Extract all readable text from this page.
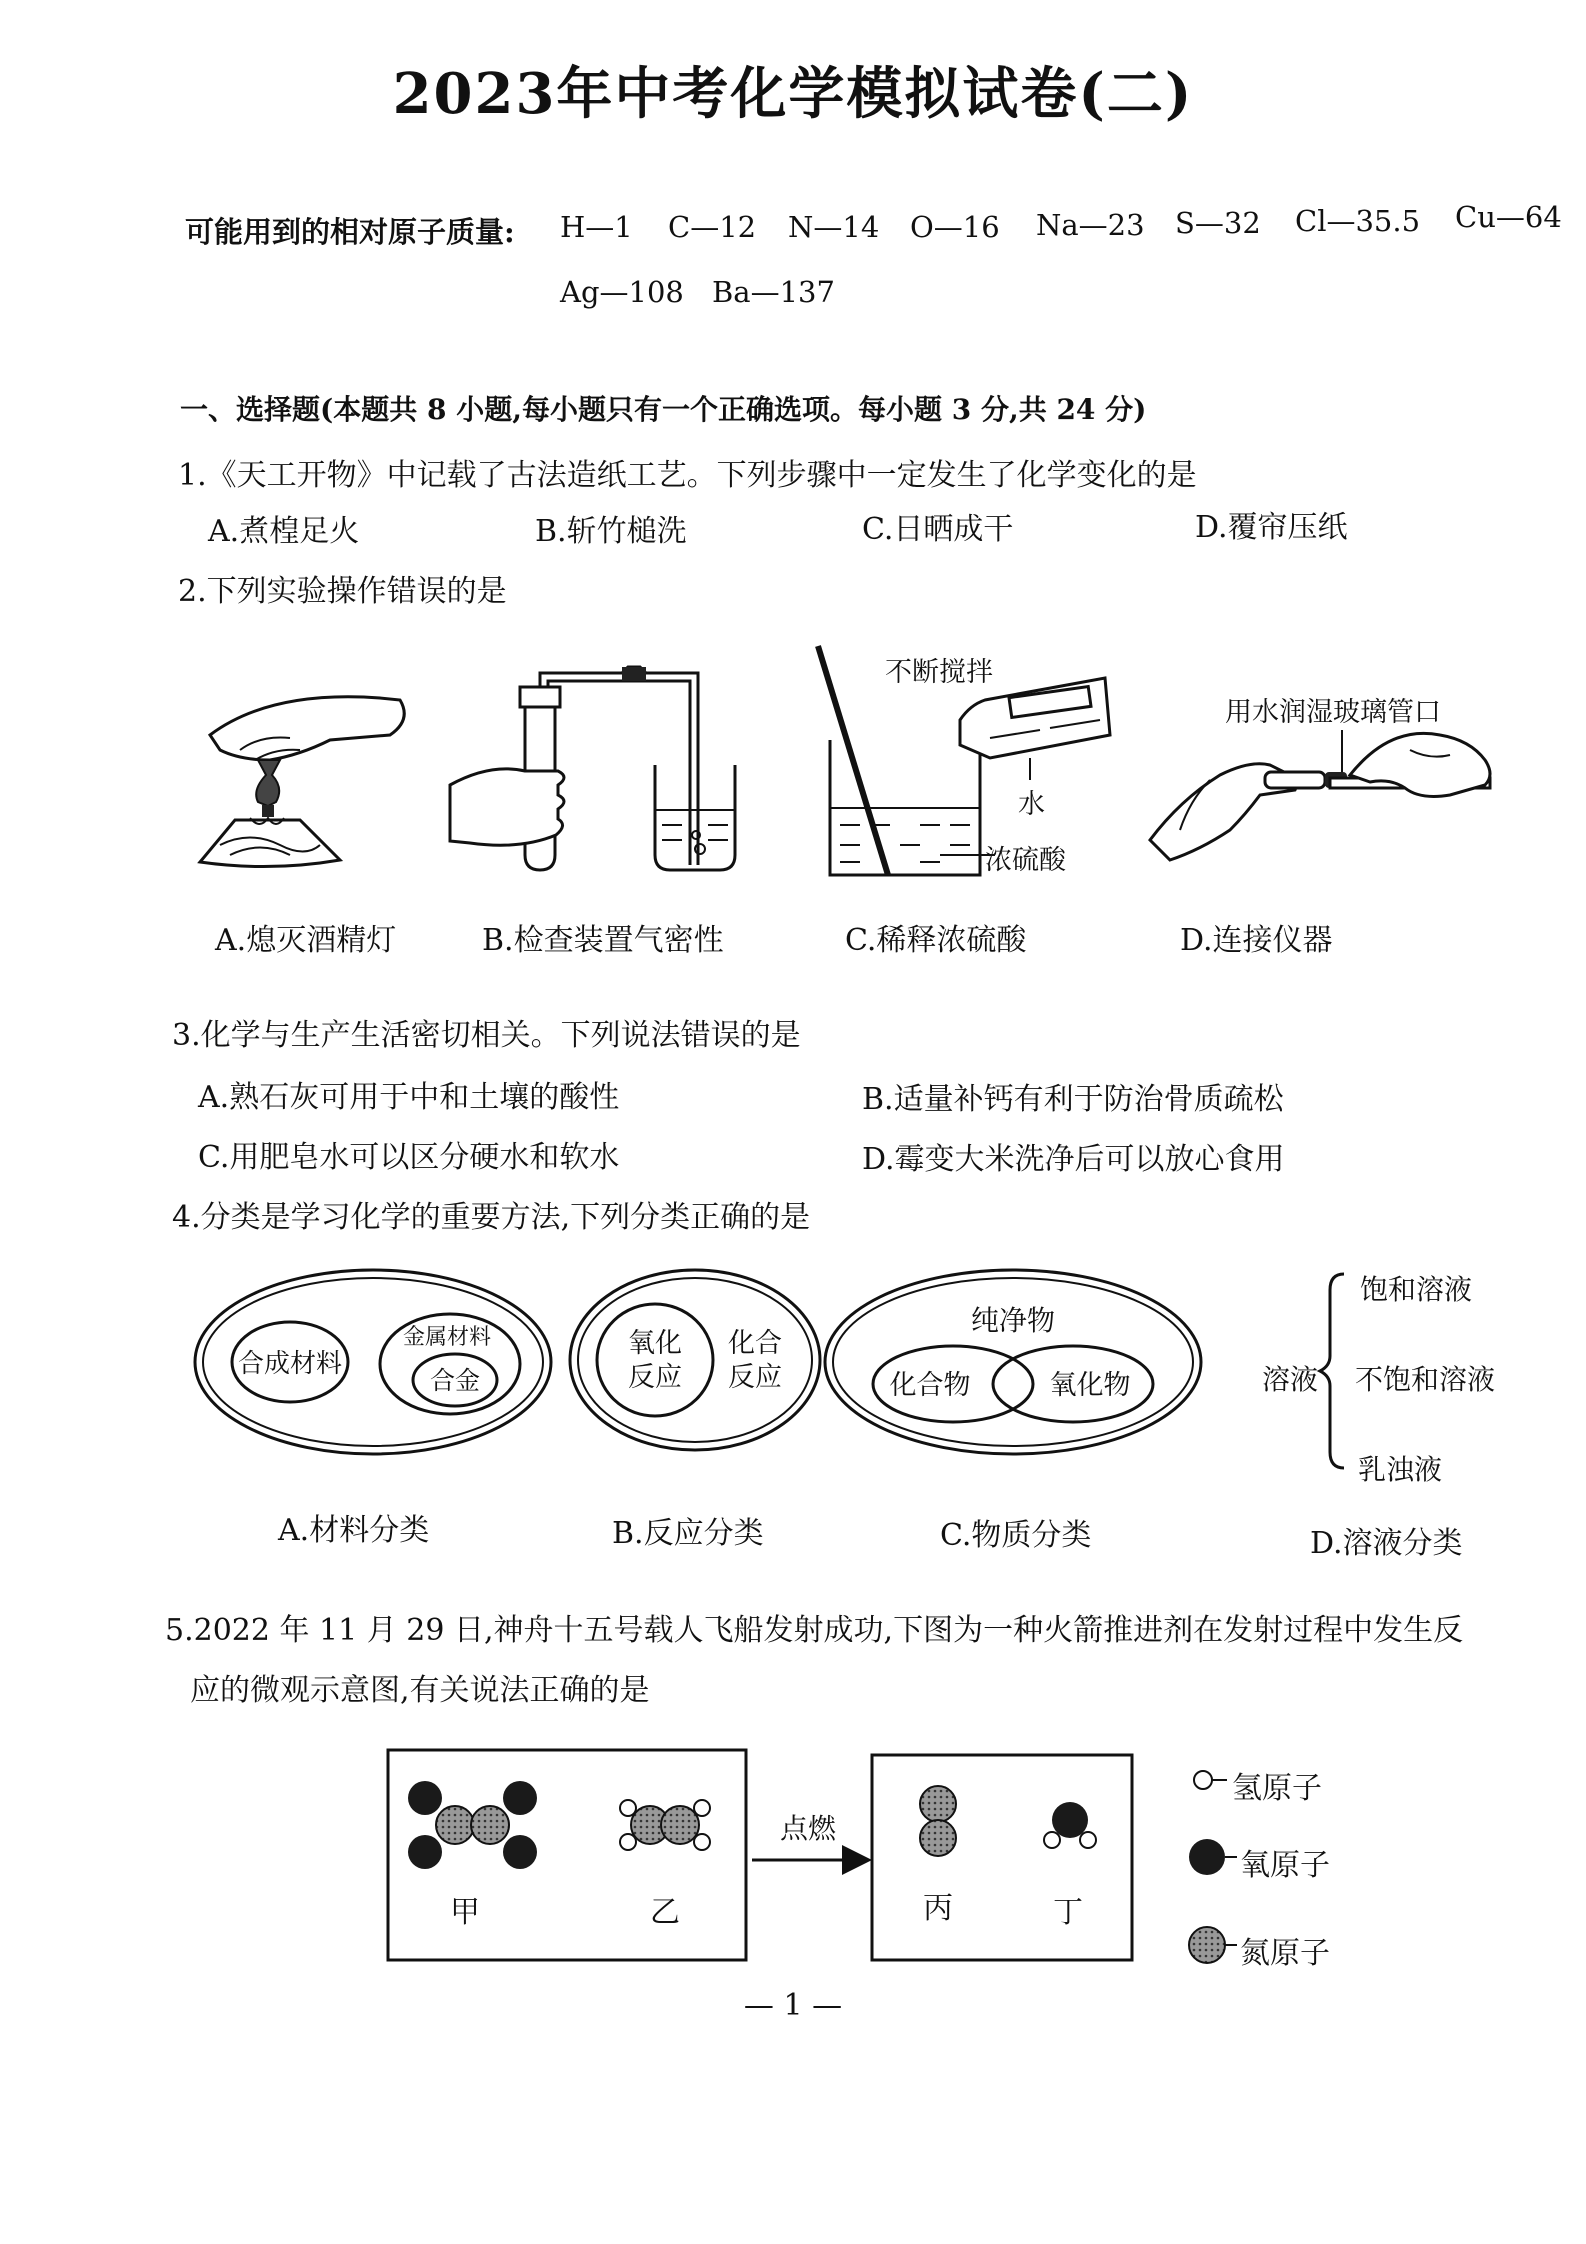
2023年中考化学模拟试卷(二)
可能用到的相对原子质量: H—1 C—12 N—14 O—16 Na—23 S—32 Cl—35.5 Cu—64
Ag—108 Ba—137
一、选择题(本题共 8 小题,每小题只有一个正确选项。每小题 3 分,共 24 分)
1.《天工开物》中记载了古法造纸工艺。下列步骤中一定发生了化学变化的是
A.煮楻足火	B.斩竹槌洗	C.日晒成干	D.覆帘压纸
2.下列实验操作错误的是
不断搅拌
水
浓硫酸
用水润湿玻璃管口
A.熄灭酒精灯	B.检查装置气密性	C.稀释浓硫酸	D.连接仪器
3.化学与生产生活密切相关。下列说法错误的是
A.熟石灰可用于中和土壤的酸性	B.适量补钙有利于防治骨质疏松
C.用肥皂水可以区分硬水和软水	D.霉变大米洗净后可以放心食用
4.分类是学习化学的重要方法,下列分类正确的是
合成材料
金属材料
合金
氧化
反应
化合
反应
纯净物
化合物	氧化物	溶液
饱和溶液
不饱和溶液
乳浊液
A.材料分类	B.反应分类	C.物质分类	D.溶液分类
5.2022 年 11 月 29 日,神舟十五号载人飞船发射成功,下图为一种火箭推进剂在发射过程中发生反
应的微观示意图,有关说法正确的是
甲	乙
点燃
丙	丁
氢原子
氧原子
氮原子
— 1 —
